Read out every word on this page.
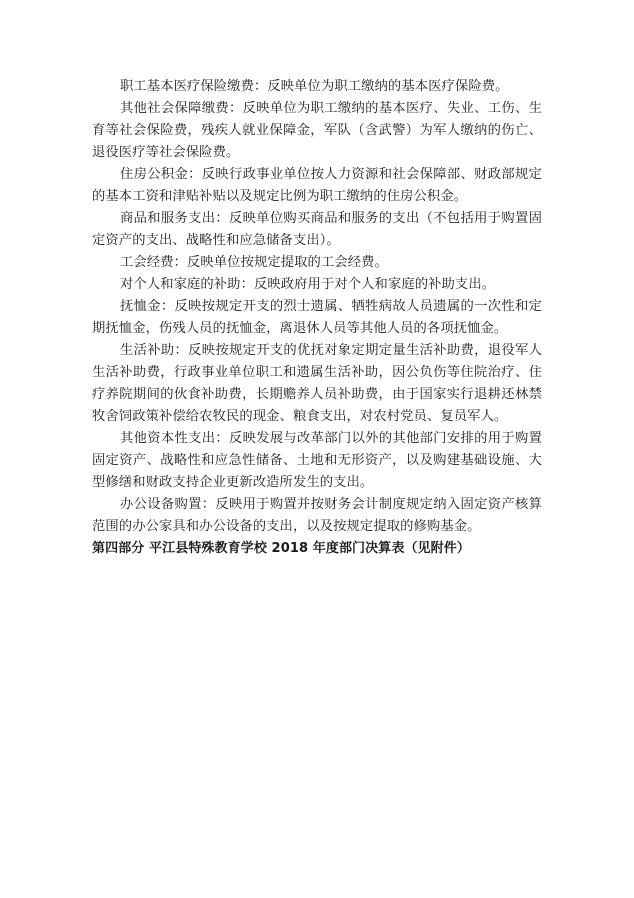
职工基本医疗保险缴费：反映单位为职工缴纳的基本医疗保险费。

其他社会保障缴费：反映单位为职工缴纳的基本医疗、失业、工伤、生育等社会保险费，残疾人就业保障金，军队（含武警）为军人缴纳的伤亡、退役医疗等社会保险费。

住房公积金：反映行政事业单位按人力资源和社会保障部、财政部规定的基本工资和津贴补贴以及规定比例为职工缴纳的住房公积金。

商品和服务支出：反映单位购买商品和服务的支出（不包括用于购置固定资产的支出、战略性和应急储备支出）。

工会经费：反映单位按规定提取的工会经费。

对个人和家庭的补助：反映政府用于对个人和家庭的补助支出。

抚恤金：反映按规定开支的烈士遗属、牺牲病故人员遗属的一次性和定期抚恤金，伤残人员的抚恤金，离退休人员等其他人员的各项抚恤金。

生活补助：反映按规定开支的优抚对象定期定量生活补助费，退役军人生活补助费，行政事业单位职工和遗属生活补助，因公负伤等住院治疗、住疗养院期间的伙食补助费，长期赡养人员补助费，由于国家实行退耕还林禁牧舍饲政策补偿给农牧民的现金、粮食支出，对农村党员、复员军人。

其他资本性支出：反映发展与改革部门以外的其他部门安排的用于购置固定资产、战略性和应急性储备、土地和无形资产，以及购建基础设施、大型修缮和财政支持企业更新改造所发生的支出。

办公设备购置：反映用于购置并按财务会计制度规定纳入固定资产核算范围的办公家具和办公设备的支出，以及按规定提取的修购基金。

第四部分 平江县特殊教育学校 2018 年度部门决算表（见附件）
